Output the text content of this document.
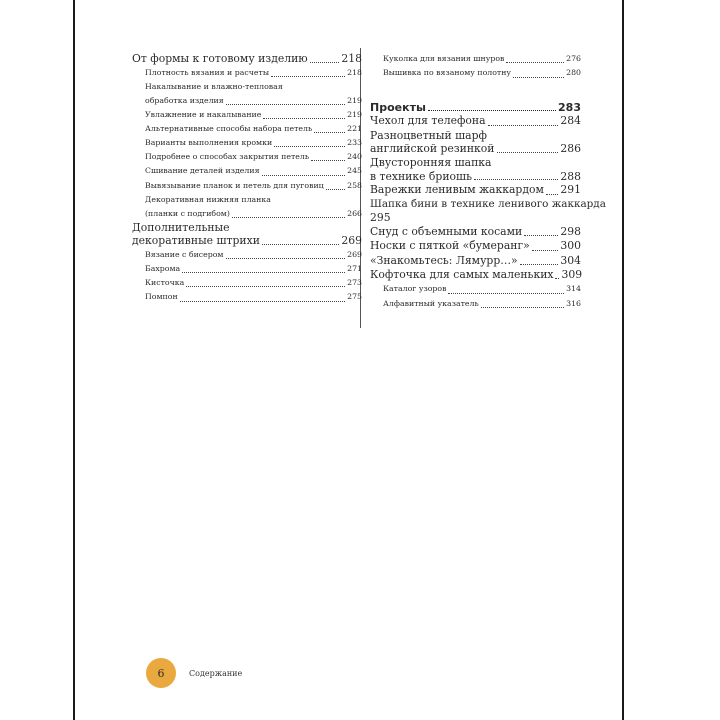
От формы к готовому изделию	218
Плотность вязания и расчеты	218
Накалывание и влажно-тепловая
обработка изделия	219
Увлажнение и накалывание	219
Альтернативные способы набора петель	221
Варианты выполнения кромки	233
Подробнее о способах закрытия петель	240
Сшивание деталей изделия	245
Вывязывание планок и петель для пуговиц	258
Декоративная нижняя планка
(планки с подгибом)	266
Дополнительные
декоративные штрихи	269
Вязание с бисером	269
Бахрома	271
Кисточка	273
Помпон	275
Куколка для вязания шнуров	276
Вышивка по вязаному полотну	280
Проекты	283
Чехол для телефона	284
Разноцветный шарф
английской резинкой	286
Двусторонняя шапка
в технике бриошь	288
Варежки ленивым жаккардом 291
Шапка бини в технике ленивого жаккарда
295
Снуд с объемными косами	298
Носки с пяткой «бумеранг»	300
«Знакомьтесь: Лямурр…»	304
Кофточка для самых маленьких 309
Каталог узоров	314
Алфавитный указатель	316
6	Содержание
